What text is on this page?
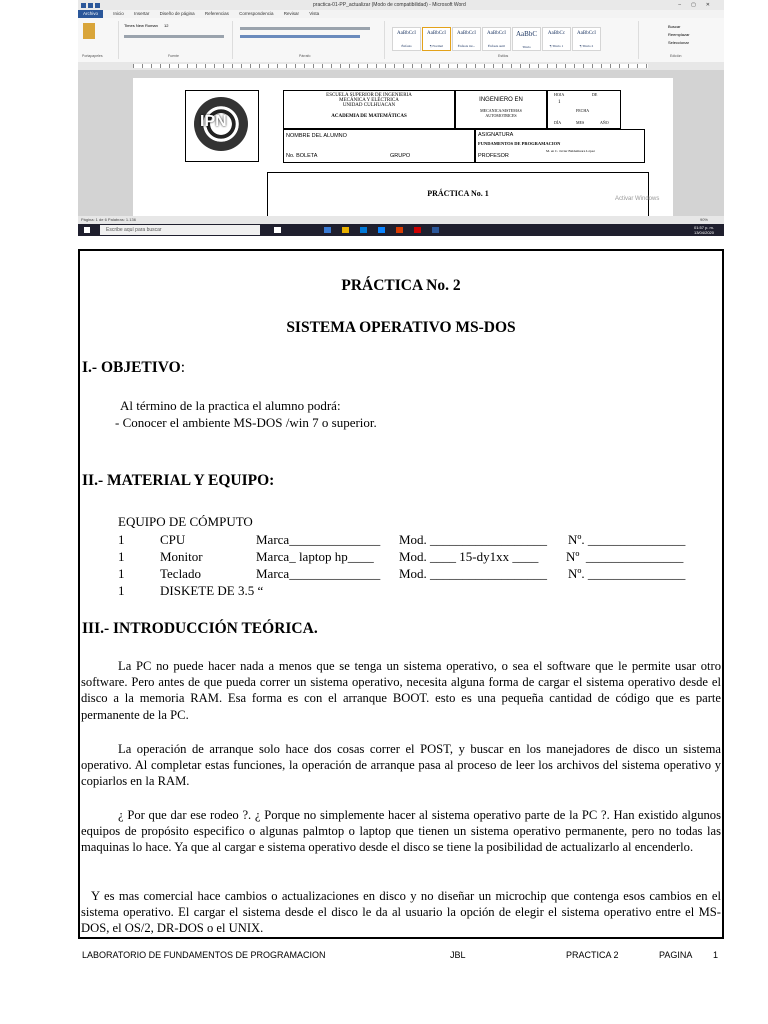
practica-01-PP_actualizar (Modo de compatibilidad) - Microsoft Word	–▢✕
Archivo	Inicio Insertar Diseño de página Referencias Correspondencia Revisar Vista
Portapapeles
Times New Roman 12
Fuente	Párrafo
AaBbCcI
Énfasis
AaBbCcI
¶ Normal
AaBbCcI
Énfasis int...
AaBbCcI
Énfasis sutil
AaBbC
Título
AaBbCc
¶ Título 1
AaBbCcI
¶ Título 2
Estilos
Buscar
Reemplazar
Seleccionar
Edición
IPN
ESCUELA SUPERIOR DE INGENIERIA
MECÁNICA Y ELÉCTRICA
UNIDAD CULHUACAN
ACADEMIA DE MATEMÁTICAS
INGENIERO EN
MECANICA/SISTEMAS
AUTOMOTRICES
HOJA	DE
1
FECHA
DÍA	MES	AÑO
NOMBRE DEL ALUMNO
No. BOLETA	GRUPO
ASIGNATURA
FUNDAMENTOS DE PROGRAMACION
PROFESOR
M. en C. Javier Baldemuara López
PRÁCTICA No. 1
Activar Windows
Página: 1 de 6 Palabras: 1.136	90%
Escribe aquí para buscar	01:57 p. m.
13/04/2020
PRÁCTICA No. 2
SISTEMA OPERATIVO MS-DOS
I.- OBJETIVO:
Al término de la practica el alumno podrá:
- Conocer el ambiente MS-DOS /win 7 o superior.
II.- MATERIAL Y EQUIPO:
EQUIPO DE CÓMPUTO
1	CPU	Marca______________ Mod. __________________ Nº. _______________
1	Monitor	Marca_ laptop hp____ Mod. ____ 15-dy1xx ____ Nº  _______________
1	Teclado	Marca______________ Mod. __________________ Nº. _______________
1	DISKETE DE 3.5 “
III.- INTRODUCCIÓN TEÓRICA.
La PC no puede hacer nada a menos que se tenga un sistema operativo, o sea el software que le permite usar otro software. Pero antes de que pueda correr un sistema operativo, necesita alguna forma de cargar el sistema operativo desde el disco a la memoria RAM. Esa forma es con el arranque BOOT. esto es una pequeña cantidad de código que es parte permanente de la PC.
La operación de arranque solo hace dos cosas correr el POST, y buscar en los manejadores de disco un sistema operativo. Al completar estas funciones, la operación de arranque pasa al proceso de leer los archivos del sistema operativo y copiarlos en la RAM.
¿ Por que dar ese rodeo ?. ¿ Porque no simplemente hacer al sistema operativo parte de la PC ?. Han existido algunos equipos de propósito especifico o algunas palmtop o laptop que tienen un sistema operativo permanente, pero no todas las maquinas lo hace. Ya que al cargar e sistema operativo desde el disco se tiene la posibilidad de actualizarlo al encenderlo.
Y es mas comercial hace cambios o actualizaciones en disco y no diseñar un microchip que contenga esos cambios en el sistema operativo. El cargar el sistema desde el disco le da al usuario la opción de elegir el sistema operativo entre el MS-DOS, el OS/2, DR-DOS o el UNIX.
LABORATORIO DE FUNDAMENTOS DE PROGRAMACION	JBL	PRACTICA 2	PAGINA 1
